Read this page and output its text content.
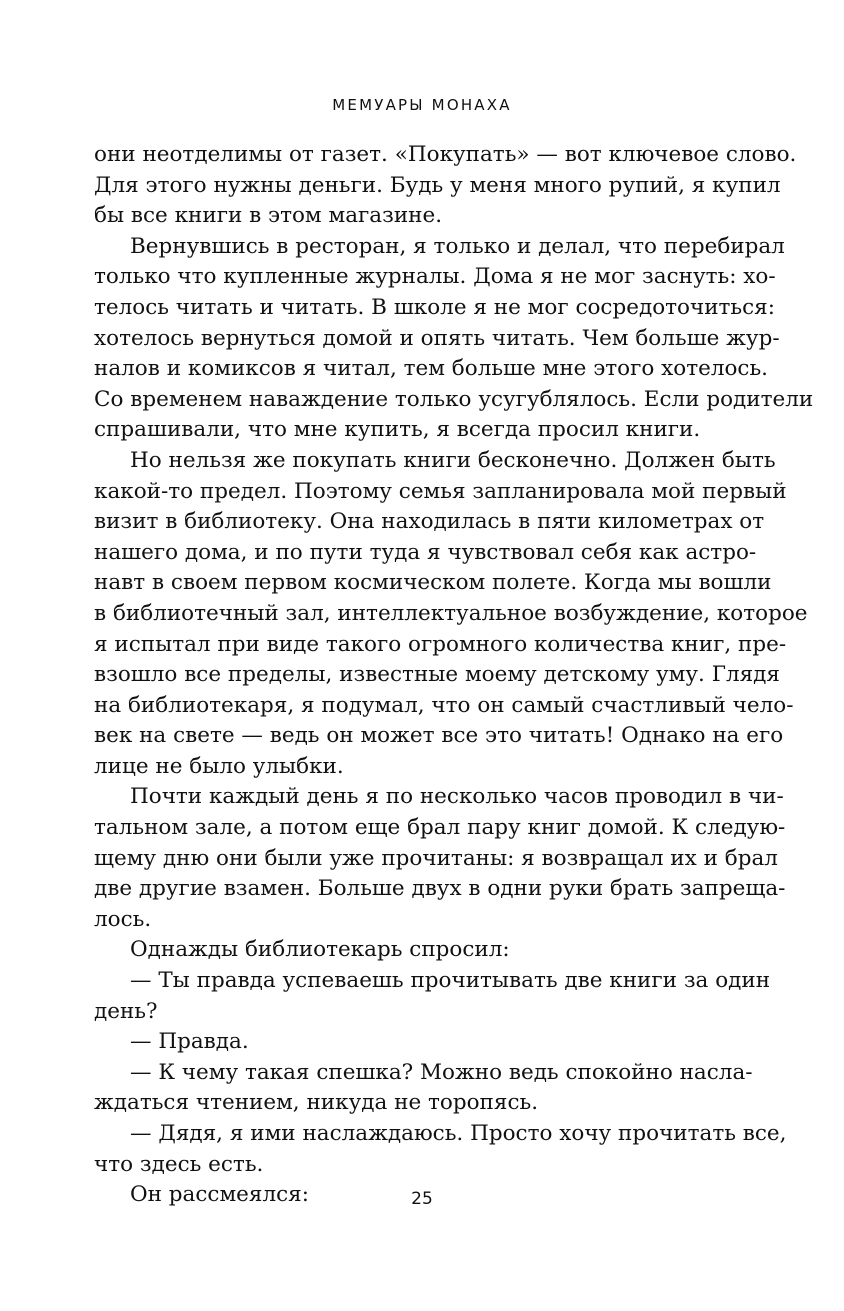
МЕМУАРЫ МОНАХА
они неотделимы от газет. «Покупать» — вот ключевое слово.
Для этого нужны деньги. Будь у меня много рупий, я купил
бы все книги в этом магазине.
Вернувшись в ресторан, я только и делал, что перебирал
только что купленные журналы. Дома я не мог заснуть: хо-
телось читать и читать. В школе я не мог сосредоточиться:
хотелось вернуться домой и опять читать. Чем больше жур-
налов и комиксов я читал, тем больше мне этого хотелось.
Со временем наваждение только усугублялось. Если родители
спрашивали, что мне купить, я всегда просил книги.
Но нельзя же покупать книги бесконечно. Должен быть
какой-то предел. Поэтому семья запланировала мой первый
визит в библиотеку. Она находилась в пяти километрах от
нашего дома, и по пути туда я чувствовал себя как астро-
навт в своем первом космическом полете. Когда мы вошли
в библиотечный зал, интеллектуальное возбуждение, которое
я испытал при виде такого огромного количества книг, пре-
взошло все пределы, известные моему детскому уму. Глядя
на библиотекаря, я подумал, что он самый счастливый чело-
век на свете — ведь он может все это читать! Однако на его
лице не было улыбки.
Почти каждый день я по несколько часов проводил в чи-
тальном зале, а потом еще брал пару книг домой. К следую-
щему дню они были уже прочитаны: я возвращал их и брал
две другие взамен. Больше двух в одни руки брать запреща-
лось.
Однажды библиотекарь спросил:
— Ты правда успеваешь прочитывать две книги за один
день?
— Правда.
— К чему такая спешка? Можно ведь спокойно насла-
ждаться чтением, никуда не торопясь.
— Дядя, я ими наслаждаюсь. Просто хочу прочитать все,
что здесь есть.
Он рассмеялся:	25
